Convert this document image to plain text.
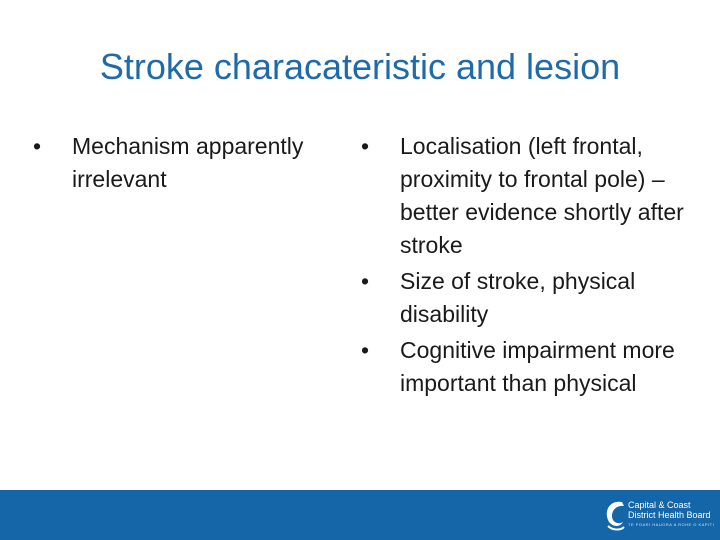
Stroke characateristic and lesion
• Mechanism apparently irrelevant
• Localisation (left frontal, proximity to frontal pole) – better evidence shortly after stroke
• Size of stroke, physical disability
• Cognitive impairment more important than physical
Capital & Coast
District Health Board
TE POARI HAUORA A ROHE O KAPITI
